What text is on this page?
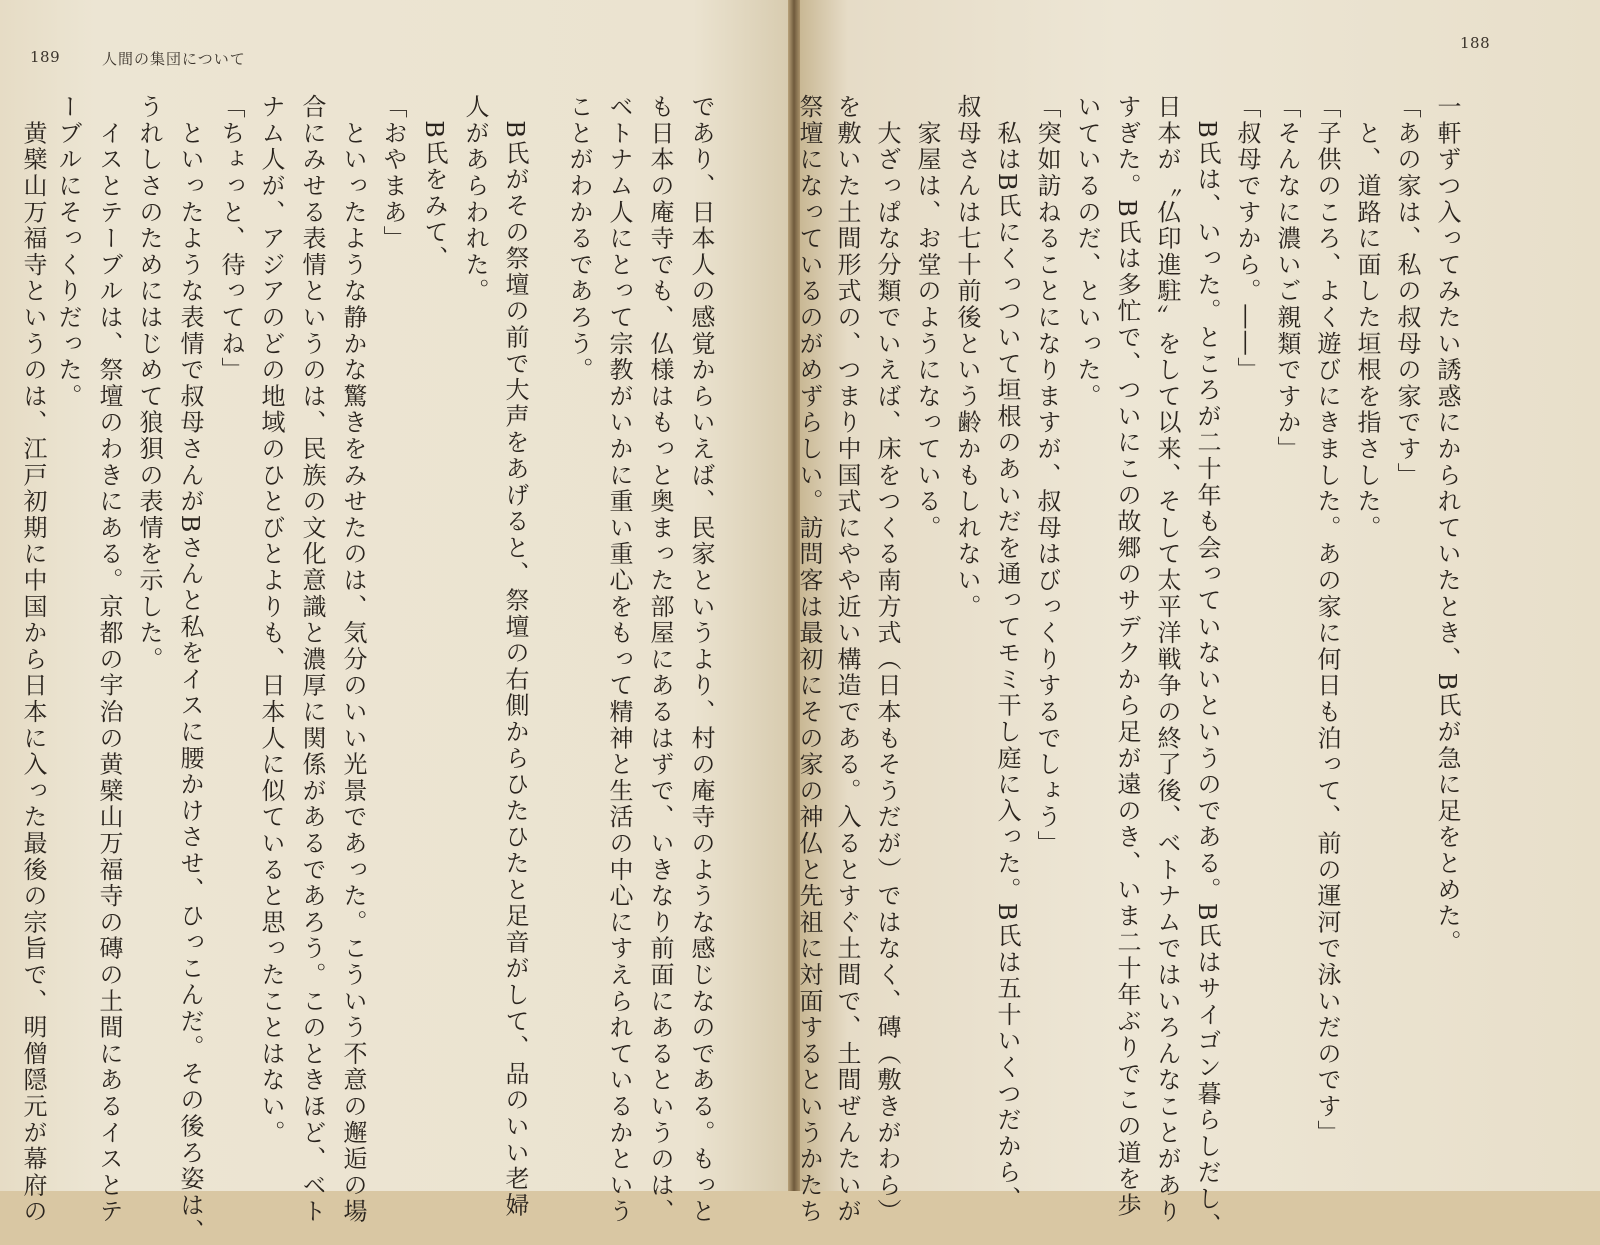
189	人間の集団について
であり、日本人の感覚からいえば、民家というより、村の庵寺のような感じなのである。もっと
も日本の庵寺でも、仏様はもっと奥まった部屋にあるはずで、いきなり前面にあるというのは、
ベトナム人にとって宗教がいかに重い重心をもって精神と生活の中心にすえられているかという
ことがわかるであろう。
　B氏がその祭壇の前で大声をあげると、祭壇の右側からひたひたと足音がして、品のいい老婦
人があらわれた。
　B氏をみて、
「おやまあ」
　といったような静かな驚きをみせたのは、気分のいい光景であった。こういう不意の邂逅の場
合にみせる表情というのは、民族の文化意識と濃厚に関係があるであろう。このときほど、ベト
ナム人が、アジアのどの地域のひとびとよりも、日本人に似ていると思ったことはない。
「ちょっと、待ってね」
　といったような表情で叔母さんがBさんと私をイスに腰かけさせ、ひっこんだ。その後ろ姿は、
うれしさのためにはじめて狼狽の表情を示した。
　イスとテーブルは、祭壇のわきにある。京都の宇治の黄檗山万福寺の磚の土間にあるイスとテ
ーブルにそっくりだった。
　黄檗山万福寺というのは、江戸初期に中国から日本に入った最後の宗旨で、明僧隠元が幕府の
188
一軒ずつ入ってみたい誘惑にかられていたとき、B氏が急に足をとめた。
「あの家は、私の叔母の家です」
　と、道路に面した垣根を指さした。
「子供のころ、よく遊びにきました。あの家に何日も泊って、前の運河で泳いだのです」
「そんなに濃いご親類ですか」
「叔母ですから。――」
　B氏は、いった。ところが二十年も会っていないというのである。B氏はサイゴン暮らしだし、
日本が〝仏印進駐〟をして以来、そして太平洋戦争の終了後、ベトナムではいろんなことがあり
すぎた。B氏は多忙で、ついにこの故郷のサデクから足が遠のき、いま二十年ぶりでこの道を歩
いているのだ、といった。
「突如訪ねることになりますが、叔母はびっくりするでしょう」
　私はB氏にくっついて垣根のあいだを通ってモミ干し庭に入った。B氏は五十いくつだから、
叔母さんは七十前後という齢かもしれない。
　家屋は、お堂のようになっている。
　大ざっぱな分類でいえば、床をつくる南方式（日本もそうだが）ではなく、磚（敷きがわら）
を敷いた土間形式の、つまり中国式にやや近い構造である。入るとすぐ土間で、土間ぜんたいが
祭壇になっているのがめずらしい。訪問客は最初にその家の神仏と先祖に対面するというかたち
